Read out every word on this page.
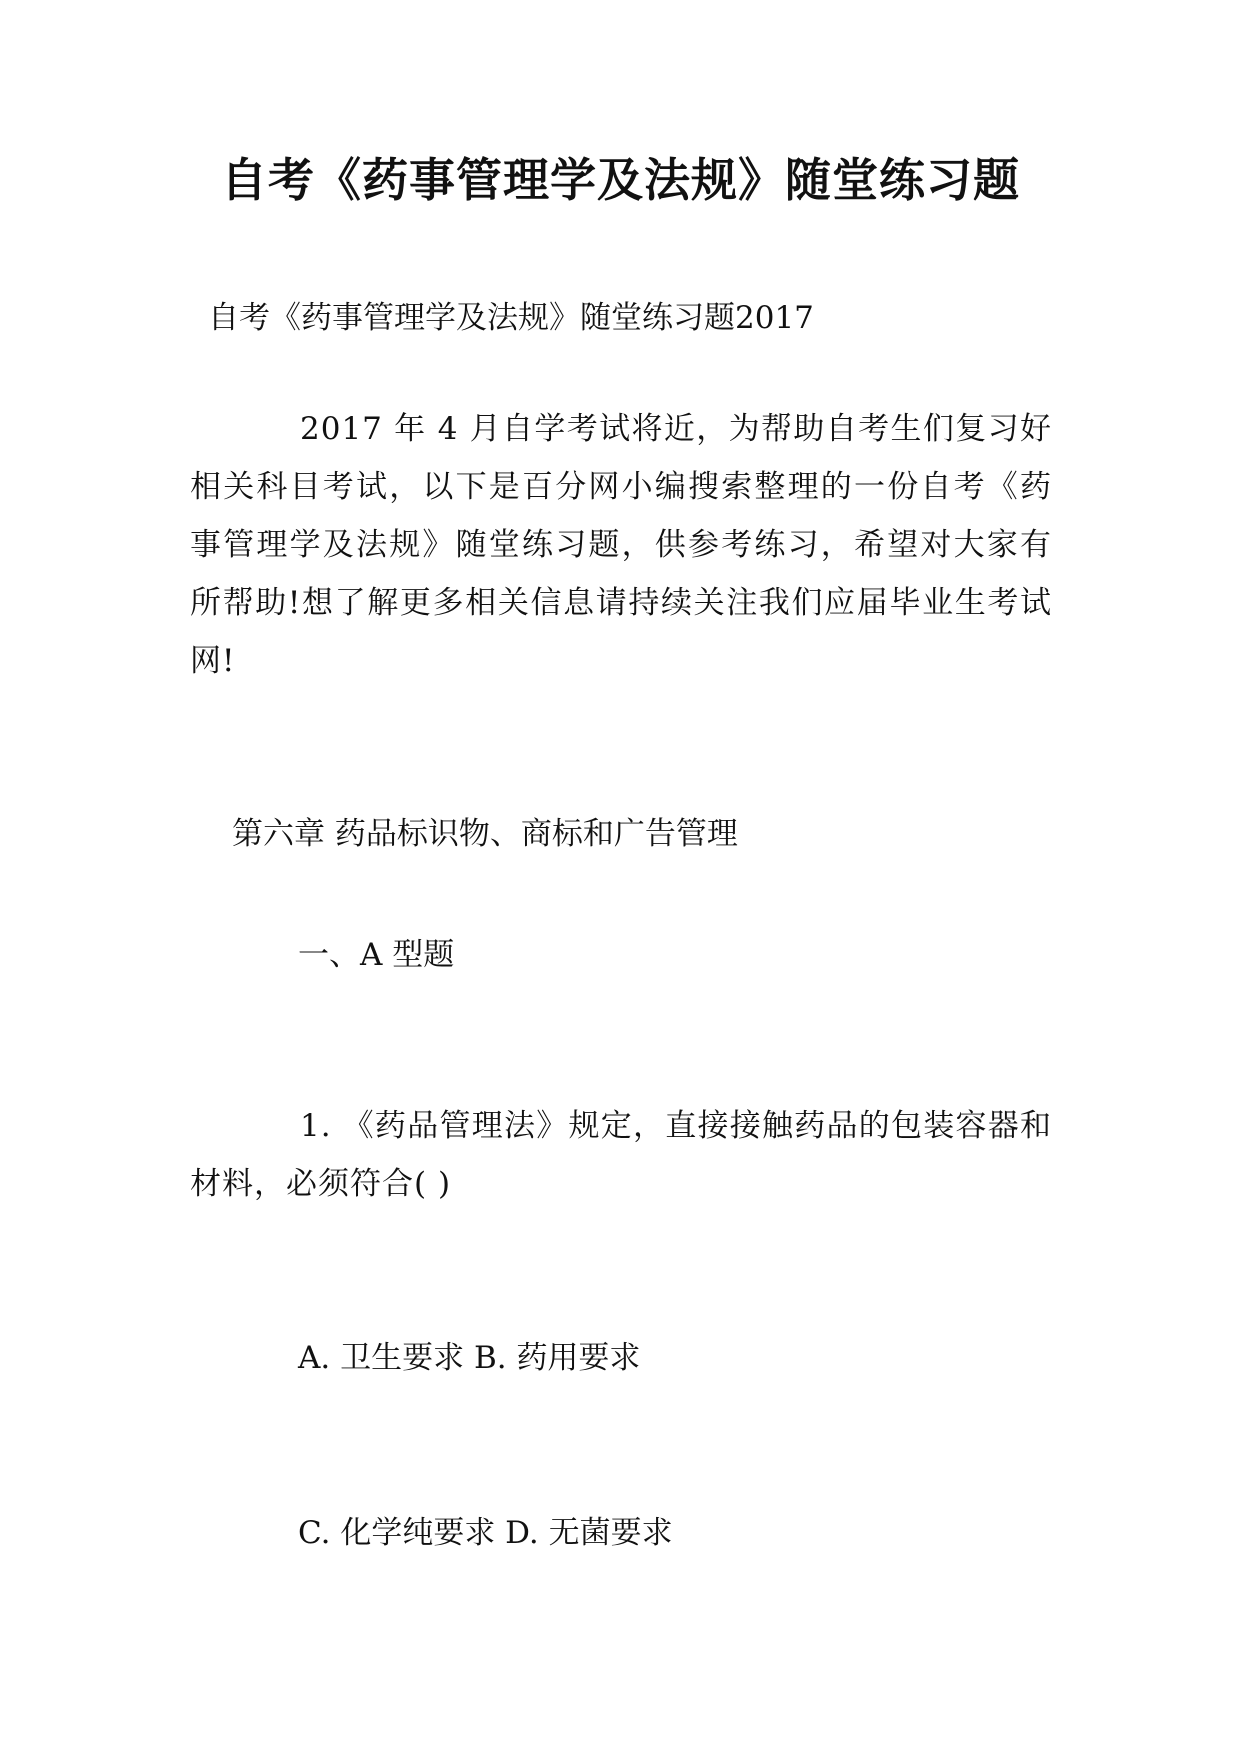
自考《药事管理学及法规》随堂练习题

自考《药事管理学及法规》随堂练习题2017

2017 年 4 月自学考试将近，为帮助自考生们复习好相关科目考试，以下是百分网小编搜索整理的一份自考《药事管理学及法规》随堂练习题，供参考练习，希望对大家有所帮助!想了解更多相关信息请持续关注我们应届毕业生考试网!

第六章 药品标识物、商标和广告管理

一、A 型题

1. 《药品管理法》规定，直接接触药品的包装容器和材料，必须符合( )

A. 卫生要求 B. 药用要求

C. 化学纯要求 D. 无菌要求
